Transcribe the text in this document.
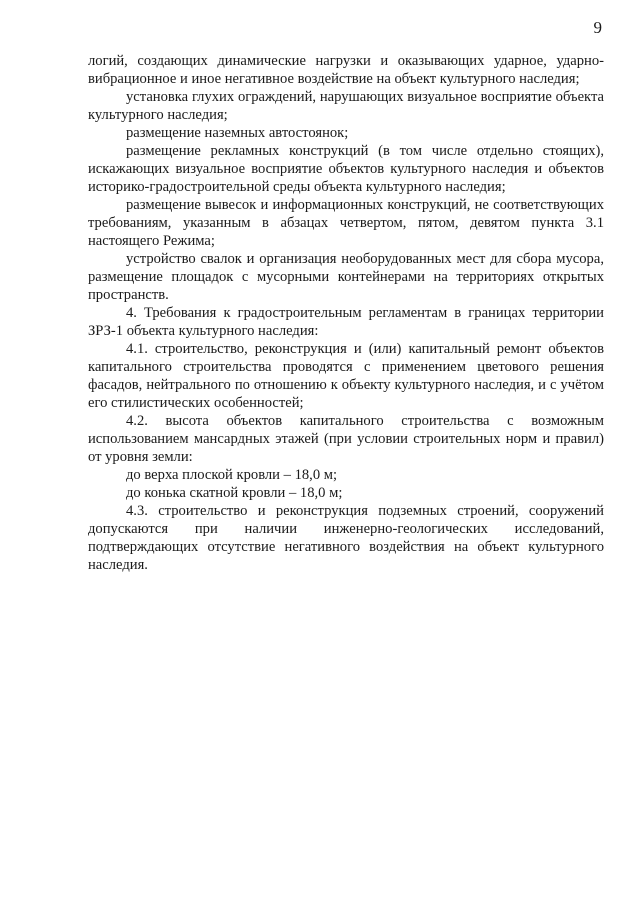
9

логий, создающих динамические нагрузки и оказывающих ударное, ударно-вибрационное и иное негативное воздействие на объект культурного наследия;

установка глухих ограждений, нарушающих визуальное восприятие объекта культурного наследия;

размещение наземных автостоянок;

размещение рекламных конструкций (в том числе отдельно стоящих), искажающих визуальное восприятие объектов культурного наследия и объектов историко-градостроительной среды объекта культурного наследия;

размещение вывесок и информационных конструкций, не соответствующих требованиям, указанным в абзацах четвертом, пятом, девятом пункта 3.1 настоящего Режима;

устройство свалок и организация необорудованных мест для сбора мусора, размещение площадок с мусорными контейнерами на территориях открытых пространств.

4. Требования к градостроительным регламентам в границах территории ЗРЗ-1 объекта культурного наследия:

4.1. строительство, реконструкция и (или) капитальный ремонт объектов капитального строительства проводятся с применением цветового решения фасадов, нейтрального по отношению к объекту культурного наследия, и с учётом его стилистических особенностей;

4.2. высота объектов капитального строительства с возможным использованием мансардных этажей (при условии строительных норм и правил) от уровня земли:

до верха плоской кровли – 18,0 м;

до конька скатной кровли – 18,0 м;

4.3. строительство и реконструкция подземных строений, сооружений допускаются при наличии инженерно-геологических исследований, подтверждающих отсутствие негативного воздействия на объект культурного наследия.
